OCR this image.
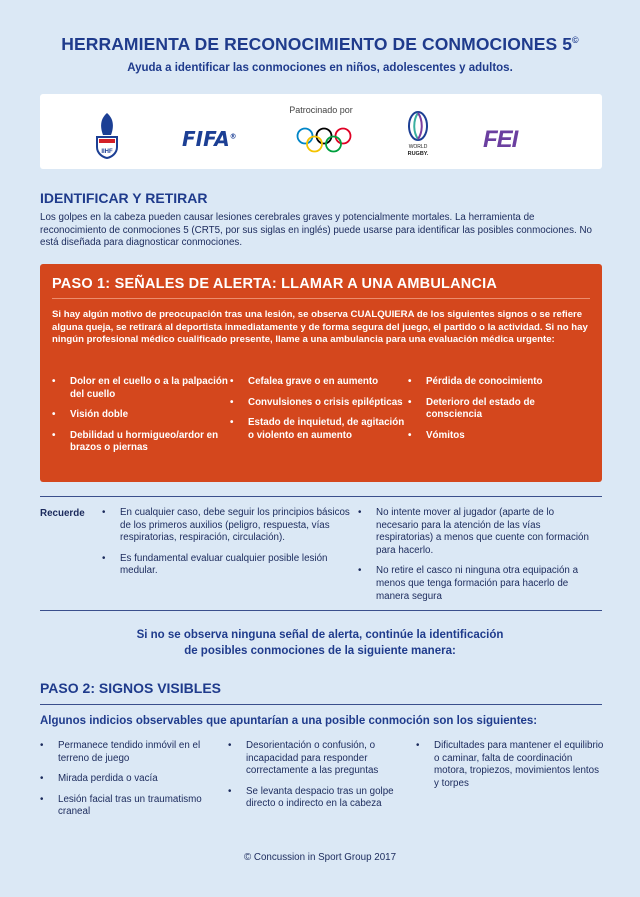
HERRAMIENTA DE RECONOCIMIENTO DE CONMOCIONES 5©
Ayuda a identificar las conmociones en niños, adolescentes y adultos.
Patrocinado por
IIHF
FIFA®
WORLD
RUGBY.
FEI
IDENTIFICAR Y RETIRAR

Los golpes en la cabeza pueden causar lesiones cerebrales graves y potencialmente mortales. La herramienta de reconocimiento de conmociones 5 (CRT5, por sus siglas en inglés) puede usarse para identificar las posibles conmociones. No está diseñada para diagnosticar conmociones.

PASO 1: SEÑALES DE ALERTA: LLAMAR A UNA AMBULANCIA

Si hay algún motivo de preocupación tras una lesión, se observa CUALQUIERA de los siguientes signos o se refiere alguna queja, se retirará al deportista inmediatamente y de forma segura del juego, el partido o la actividad. Si no hay ningún profesional médico cualificado presente, llame a una ambulancia para una evaluación médica urgente:

• Dolor en el cuello o a la palpación del cuello
• Visión doble
• Debilidad u hormigueo/ardor en brazos o piernas
• Cefalea grave o en aumento
• Convulsiones o crisis epilépticas
• Estado de inquietud, de agitación o violento en aumento
• Pérdida de conocimiento
• Deterioro del estado de consciencia
• Vómitos
Recuerde
•	En cualquier caso, debe seguir los principios básicos de los primeros auxilios (peligro, respuesta, vías respiratorias, respiración, circulación).
• Es fundamental evaluar cualquier posible lesión medular.
• No intente mover al jugador (aparte de lo necesario para la atención de las vías respiratorias) a menos que cuente con formación para hacerlo.
• No retire el casco ni ninguna otra equipación a menos que tenga formación para hacerlo de manera segura
Si no se observa ninguna señal de alerta, continúe la identificación
de posibles conmociones de la siguiente manera:
PASO 2: SIGNOS VISIBLES
Algunos indicios observables que apuntarían a una posible conmoción son los siguientes:
• Permanece tendido inmóvil en el terreno de juego
• Mirada perdida o vacía
• Lesión facial tras un traumatismo craneal
• Desorientación o confusión, o incapacidad para responder correctamente a las preguntas
• Se levanta despacio tras un golpe directo o indirecto en la cabeza
• Dificultades para mantener el equilibrio o caminar, falta de coordinación motora, tropiezos, movimientos lentos y torpes
© Concussion in Sport Group 2017
